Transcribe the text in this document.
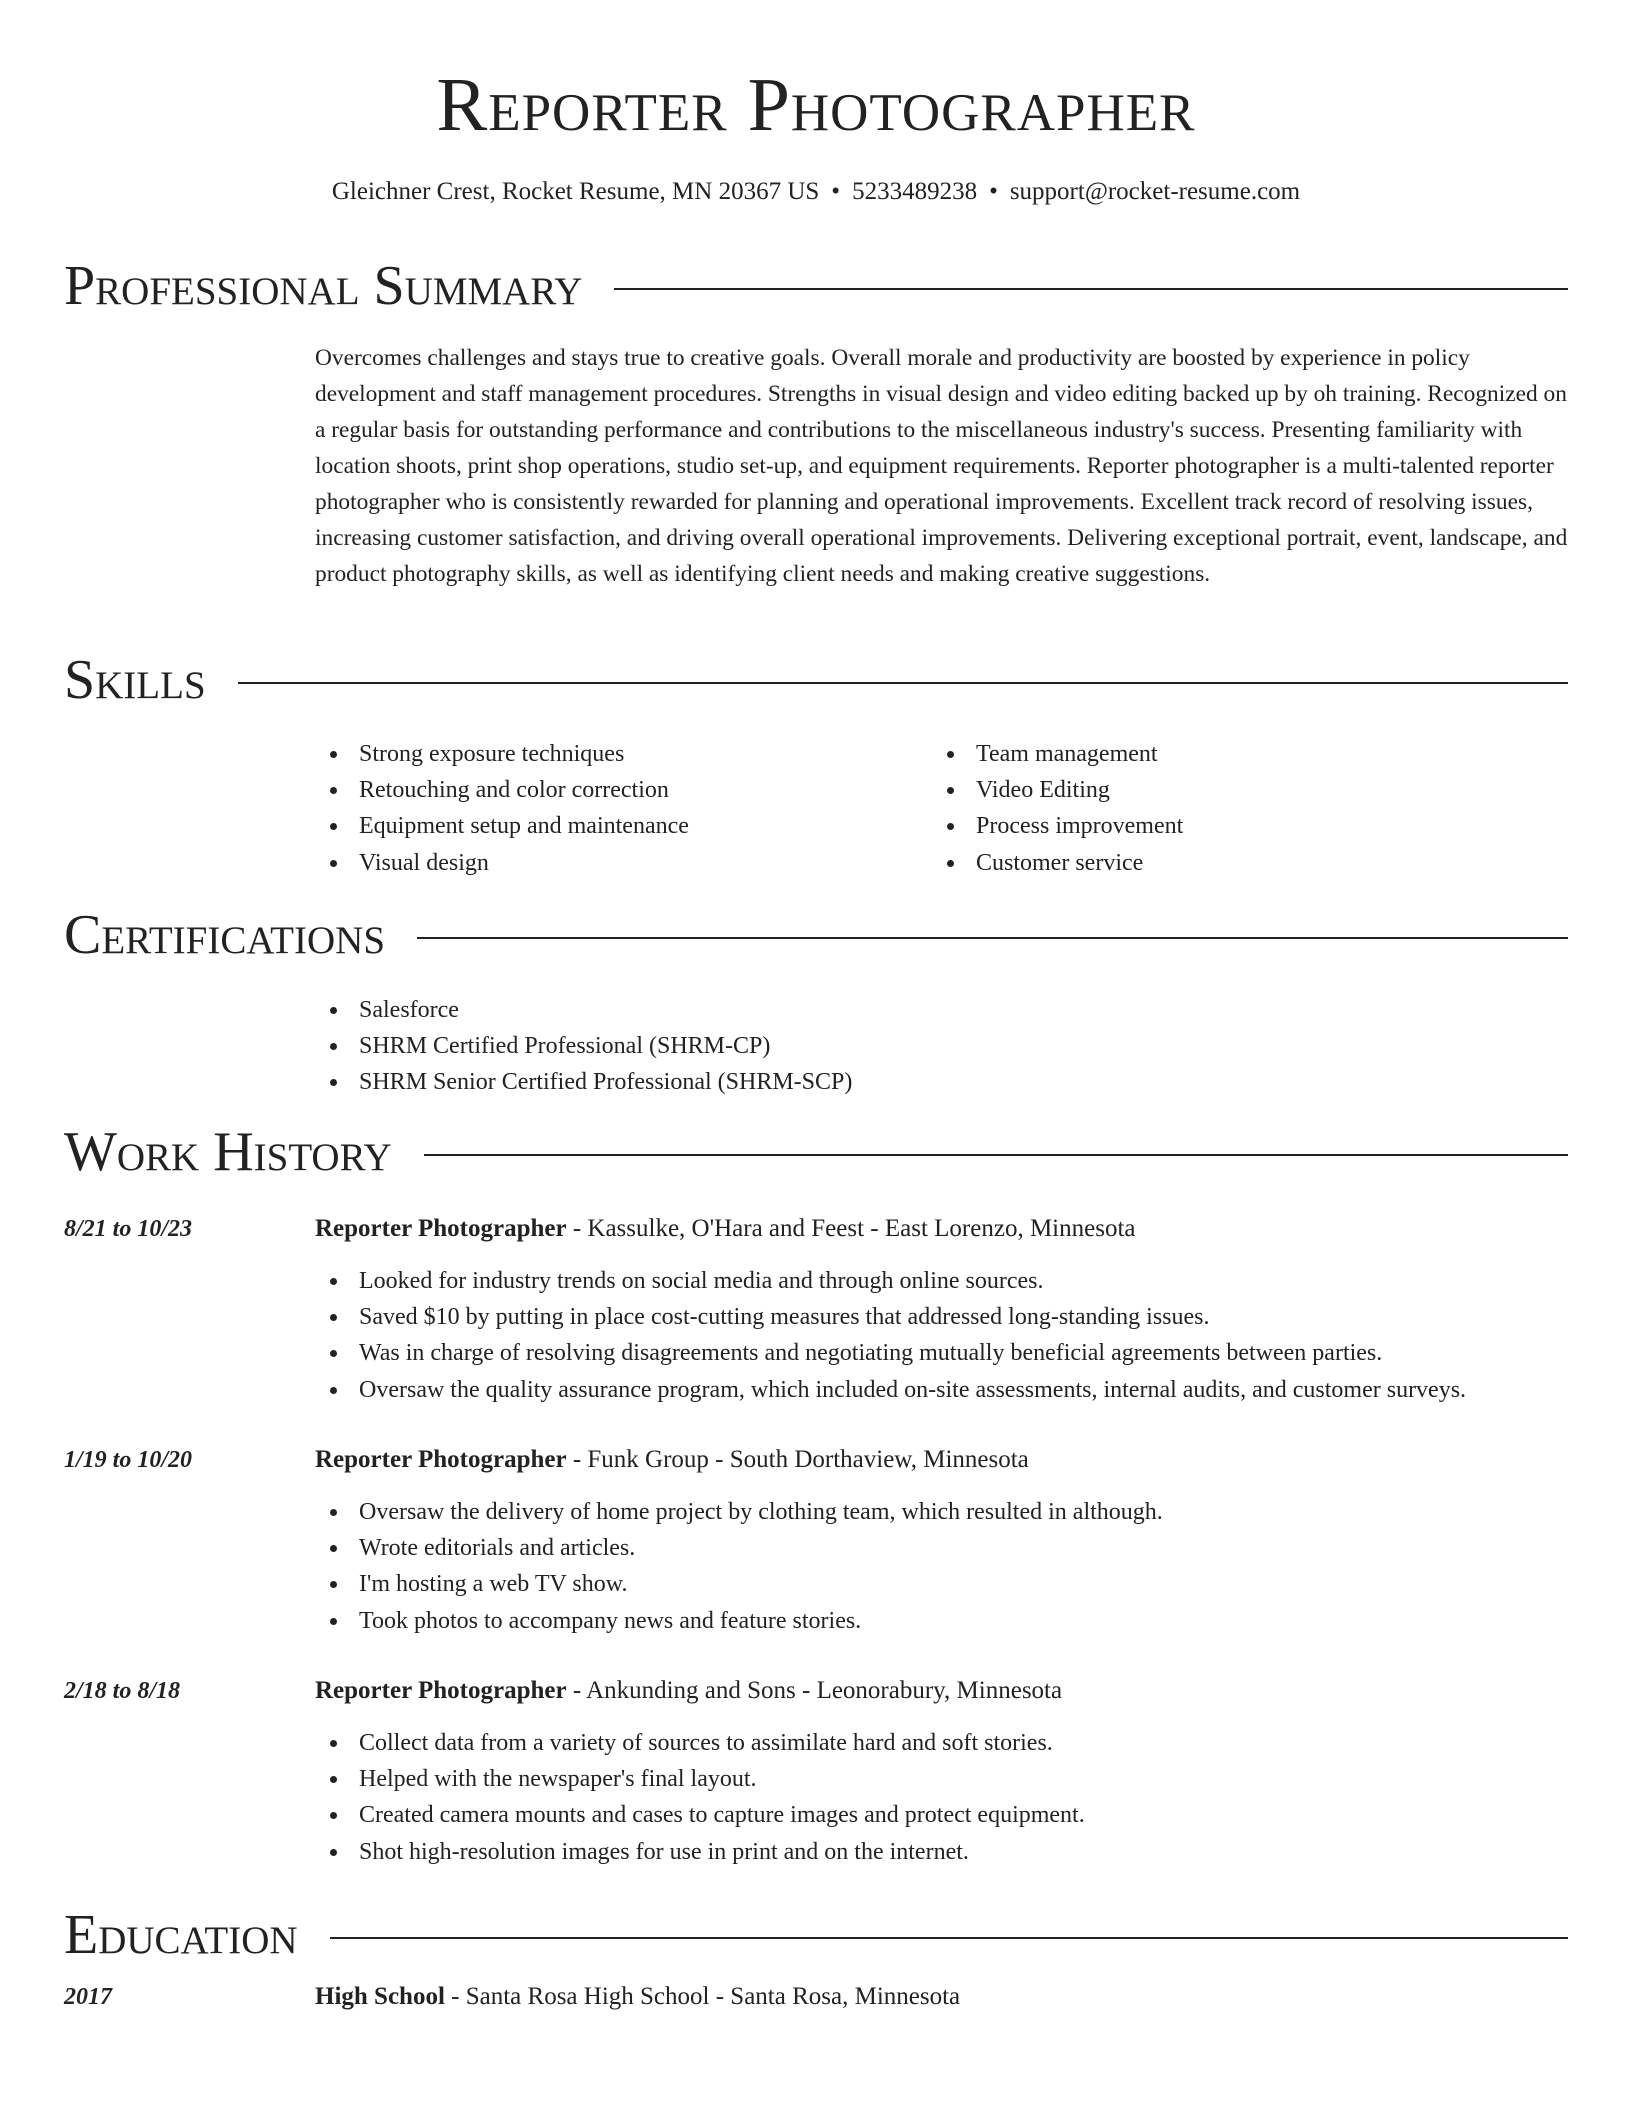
Reporter Photographer
Gleichner Crest, Rocket Resume, MN 20367 US • 5233489238 • support@rocket-resume.com
Professional Summary

Overcomes challenges and stays true to creative goals. Overall morale and productivity are boosted by experience in policy development and staff management procedures. Strengths in visual design and video editing backed up by oh training. Recognized on a regular basis for outstanding performance and contributions to the miscellaneous industry's success. Presenting familiarity with location shoots, print shop operations, studio set-up, and equipment requirements. Reporter photographer is a multi-talented reporter photographer who is consistently rewarded for planning and operational improvements. Excellent track record of resolving issues, increasing customer satisfaction, and driving overall operational improvements. Delivering exceptional portrait, event, landscape, and product photography skills, as well as identifying client needs and making creative suggestions.

Skills
Strong exposure techniques
Retouching and color correction
Equipment setup and maintenance
Visual design
Team management
Video Editing
Process improvement
Customer service
Certifications
Salesforce
SHRM Certified Professional (SHRM-CP)
SHRM Senior Certified Professional (SHRM-SCP)
Work History
8/21 to 10/23	Reporter Photographer - Kassulke, O'Hara and Feest - East Lorenzo, Minnesota
Looked for industry trends on social media and through online sources.
Saved $10 by putting in place cost-cutting measures that addressed long-standing issues.
Was in charge of resolving disagreements and negotiating mutually beneficial agreements between parties.
Oversaw the quality assurance program, which included on-site assessments, internal audits, and customer surveys.
1/19 to 10/20	Reporter Photographer - Funk Group - South Dorthaview, Minnesota
Oversaw the delivery of home project by clothing team, which resulted in although.
Wrote editorials and articles.
I'm hosting a web TV show.
Took photos to accompany news and feature stories.
2/18 to 8/18	Reporter Photographer - Ankunding and Sons - Leonorabury, Minnesota
Collect data from a variety of sources to assimilate hard and soft stories.
Helped with the newspaper's final layout.
Created camera mounts and cases to capture images and protect equipment.
Shot high-resolution images for use in print and on the internet.
Education
2017	High School - Santa Rosa High School - Santa Rosa, Minnesota
